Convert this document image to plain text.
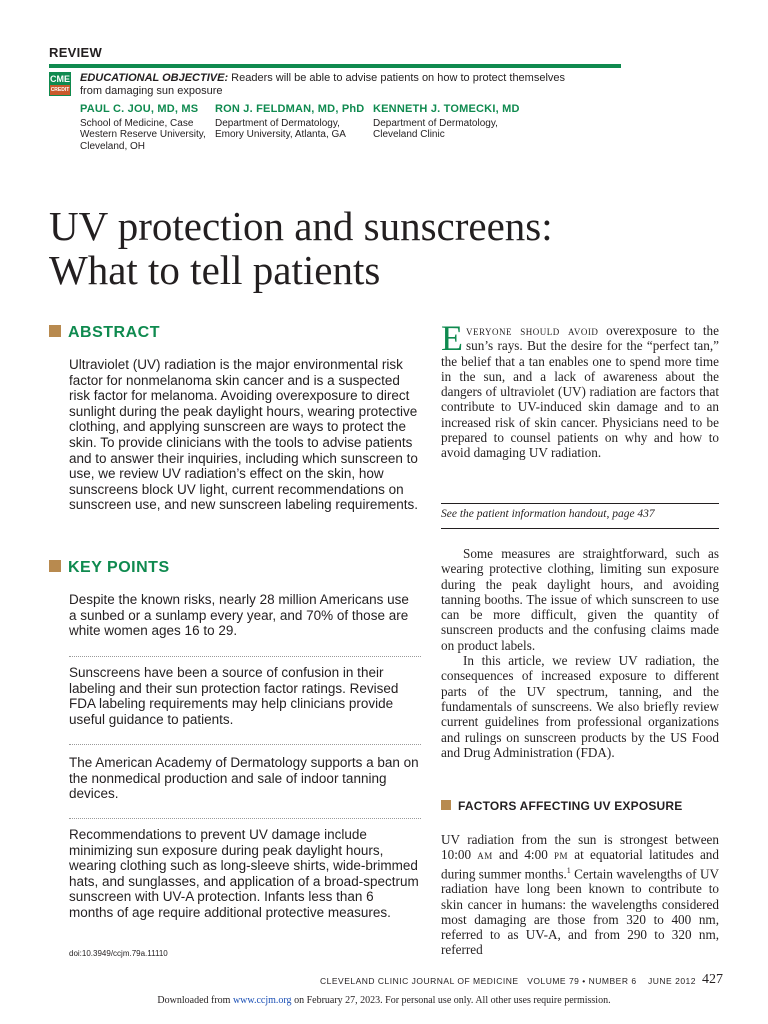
REVIEW
CME
CREDIT
EDUCATIONAL OBJECTIVE: Readers will be able to advise patients on how to protect themselves from damaging sun exposure
PAUL C. JOU, MD, MS
School of Medicine, Case Western Reserve University, Cleveland, OH
RON J. FELDMAN, MD, PhD
Department of Dermatology, Emory University, Atlanta, GA
KENNETH J. TOMECKI, MD
Department of Dermatology, Cleveland Clinic
UV protection and sunscreens:
What to tell patients
ABSTRACT
Ultraviolet (UV) radiation is the major environmental risk factor for nonmelanoma skin cancer and is a suspected risk factor for melanoma. Avoiding overexposure to direct sunlight during the peak daylight hours, wearing protective clothing, and applying sunscreen are ways to protect the skin. To provide clinicians with the tools to advise patients and to answer their inquiries, including which sunscreen to use, we review UV radiation’s effect on the skin, how sunscreens block UV light, current recommendations on sunscreen use, and new sunscreen labeling requirements.
KEY POINTS
Despite the known risks, nearly 28 million Americans use a sunbed or a sunlamp every year, and 70% of those are white women ages 16 to 29.
Sunscreens have been a source of confusion in their labeling and their sun protection factor ratings. Revised FDA labeling requirements may help clinicians provide useful guidance to patients.
The American Academy of Dermatology supports a ban on the nonmedical production and sale of indoor tanning devices.
Recommendations to prevent UV damage include minimizing sun exposure during peak daylight hours, wearing clothing such as long-sleeve shirts, wide-brimmed hats, and sunglasses, and application of a broad-spectrum sunscreen with UV-A protection. Infants less than 6 months of age require additional protective measures.
doi:10.3949/ccjm.79a.11110
Everyone should avoid overexposure to the sun’s rays. But the desire for the “perfect tan,” the belief that a tan enables one to spend more time in the sun, and a lack of awareness about the dangers of ultraviolet (UV) radiation are factors that contribute to UV-induced skin damage and to an increased risk of skin cancer. Physicians need to be prepared to counsel patients on why and how to avoid damaging UV radiation.
See the patient information handout, page 437
Some measures are straightforward, such as wearing protective clothing, limiting sun exposure during the peak daylight hours, and avoiding tanning booths. The issue of which sunscreen to use can be more difficult, given the quantity of sunscreen products and the confusing claims made on product labels.
In this article, we review UV radiation, the consequences of increased exposure to different parts of the UV spectrum, tanning, and the fundamentals of sunscreens. We also briefly review current guidelines from professional organizations and rulings on sunscreen products by the US Food and Drug Administration (FDA).
FACTORS AFFECTING UV EXPOSURE
UV radiation from the sun is strongest between 10:00 am and 4:00 pm at equatorial latitudes and during summer months.$^1$ Certain wavelengths of UV radiation have long been known to contribute to skin cancer in humans: the wavelengths considered most damaging are those from 320 to 400 nm, referred to as UV-A, and from 290 to 320 nm, referred
CLEVELAND CLINIC JOURNAL OF MEDICINE VOLUME 79 • NUMBER 6 JUNE 2012 427
Downloaded from www.ccjm.org on February 27, 2023. For personal use only. All other uses require permission.
